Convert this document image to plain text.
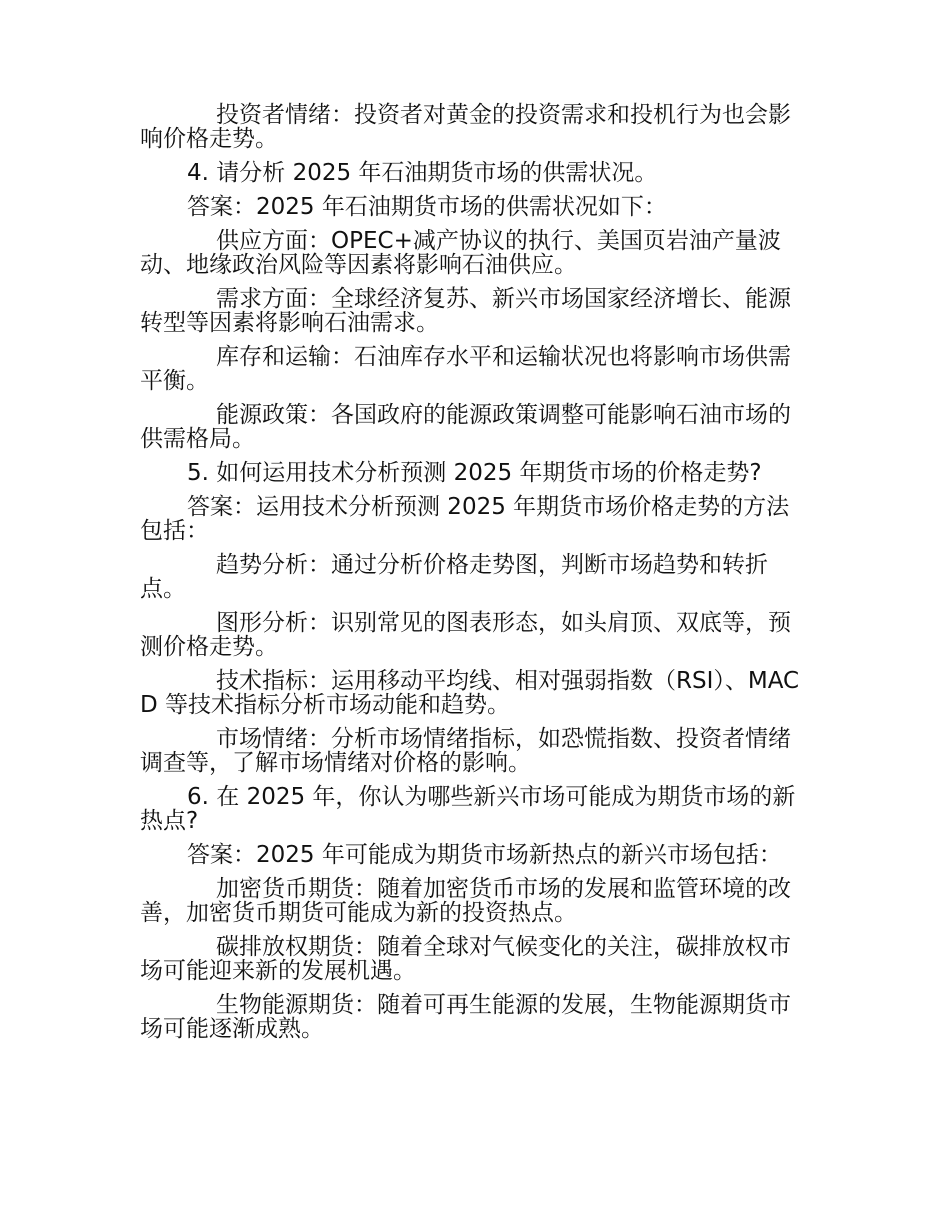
投资者情绪：投资者对黄金的投资需求和投机行为也会影响价格走势。

4. 请分析 2025 年石油期货市场的供需状况。

答案：2025 年石油期货市场的供需状况如下：

供应方面：OPEC+减产协议的执行、美国页岩油产量波动、地缘政治风险等因素将影响石油供应。

需求方面：全球经济复苏、新兴市场国家经济增长、能源转型等因素将影响石油需求。

库存和运输：石油库存水平和运输状况也将影响市场供需平衡。

能源政策：各国政府的能源政策调整可能影响石油市场的供需格局。

5. 如何运用技术分析预测 2025 年期货市场的价格走势?

答案：运用技术分析预测 2025 年期货市场价格走势的方法包括：

趋势分析：通过分析价格走势图，判断市场趋势和转折点。

图形分析：识别常见的图表形态，如头肩顶、双底等，预测价格走势。

技术指标：运用移动平均线、相对强弱指数（RSI）、MACD 等技术指标分析市场动能和趋势。

市场情绪：分析市场情绪指标，如恐慌指数、投资者情绪调查等，了解市场情绪对价格的影响。

6. 在 2025 年，你认为哪些新兴市场可能成为期货市场的新热点?

答案：2025 年可能成为期货市场新热点的新兴市场包括：

加密货币期货：随着加密货币市场的发展和监管环境的改善，加密货币期货可能成为新的投资热点。

碳排放权期货：随着全球对气候变化的关注，碳排放权市场可能迎来新的发展机遇。

生物能源期货：随着可再生能源的发展，生物能源期货市场可能逐渐成熟。
